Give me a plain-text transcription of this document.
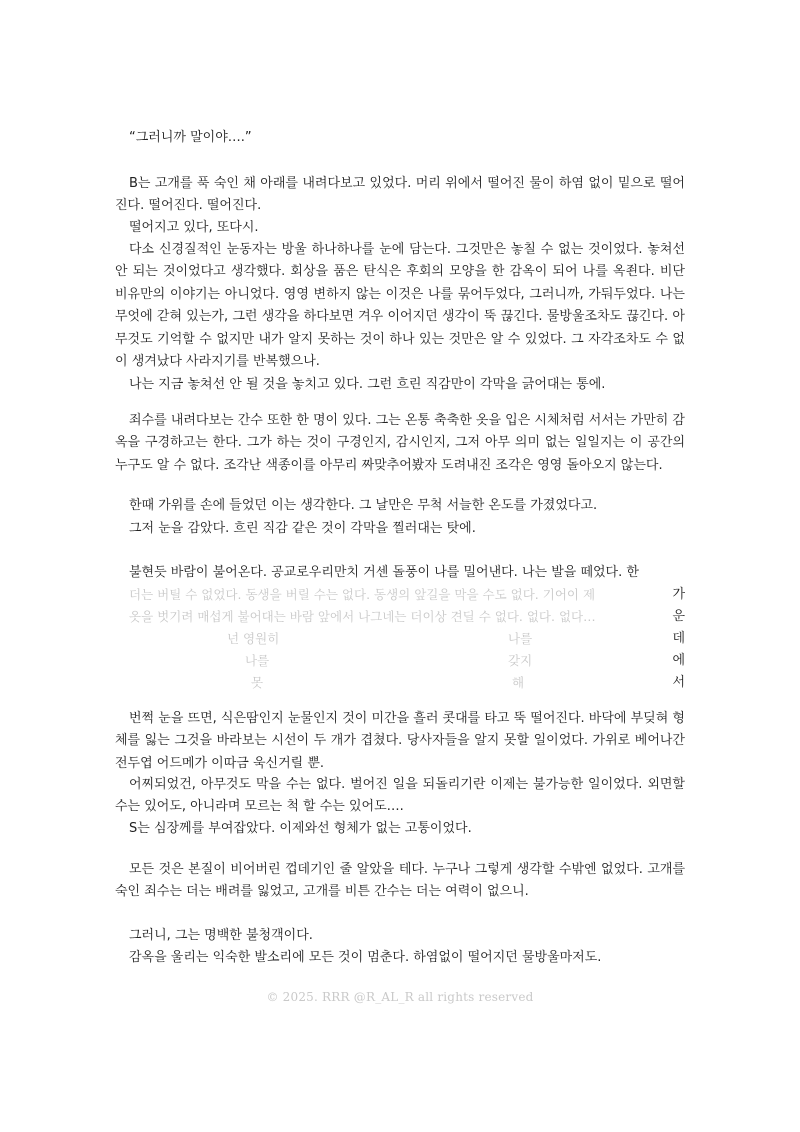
“그러니까 말이야….”

B는 고개를 푹 숙인 채 아래를 내려다보고 있었다. 머리 위에서 떨어진 물이 하염 없이 밑으로 떨어진다. 떨어진다. 떨어진다.

떨어지고 있다, 또다시.

다소 신경질적인 눈동자는 방울 하나하나를 눈에 담는다. 그것만은 놓칠 수 없는 것이었다. 놓쳐선 안 되는 것이었다고 생각했다. 회상을 품은 탄식은 후회의 모양을 한 감옥이 되어 나를 옥죈다. 비단 비유만의 이야기는 아니었다. 영영 변하지 않는 이것은 나를 묶어두었다, 그러니까, 가둬두었다. 나는 무엇에 갇혀 있는가, 그런 생각을 하다보면 겨우 이어지던 생각이 뚝 끊긴다. 물방울조차도 끊긴다. 아무것도 기억할 수 없지만 내가 알지 못하는 것이 하나 있는 것만은 알 수 있었다. 그 자각조차도 수 없이 생겨났다 사라지기를 반복했으나.

나는 지금 놓쳐선 안 될 것을 놓치고 있다. 그런 흐린 직감만이 각막을 긁어대는 통에.

죄수를 내려다보는 간수 또한 한 명이 있다. 그는 온통 축축한 옷을 입은 시체처럼 서서는 가만히 감옥을 구경하고는 한다. 그가 하는 것이 구경인지, 감시인지, 그저 아무 의미 없는 일일지는 이 공간의 누구도 알 수 없다. 조각난 색종이를 아무리 짜맞추어봤자 도려내진 조각은 영영 돌아오지 않는다.

한때 가위를 손에 들었던 이는 생각한다. 그 날만은 무척 서늘한 온도를 가졌었다고.

그저 눈을 감았다. 흐린 직감 같은 것이 각막을 찔러대는 탓에.

불현듯 바람이 불어온다. 공교로우리만치 거센 돌풍이 나를 밀어낸다. 나는 발을 떼었다. 한

더는 버틸 수 없었다. 동생을 버릴 수는 없다. 동생의 앞길을 막을 수도 없다. 기어이 제
옷을 벗기려 매섭게 불어대는 바람 앞에서 나그네는 더이상 견딜 수 없다. 없다. 없다…
넌 영원히
나를
나를
갖지
못	해
가
운
데
에
서

번쩍 눈을 뜨면, 식은땀인지 눈물인지 것이 미간을 흘러 콧대를 타고 뚝 떨어진다. 바닥에 부딪혀 형체를 잃는 그것을 바라보는 시선이 두 개가 겹쳤다. 당사자들을 알지 못할 일이었다. 가위로 베어나간 전두엽 어드메가 이따금 욱신거릴 뿐.

어찌되었건, 아무것도 막을 수는 없다. 벌어진 일을 되돌리기란 이제는 불가능한 일이었다. 외면할 수는 있어도, 아니라며 모르는 척 할 수는 있어도….

S는 심장께를 부여잡았다. 이제와선 형체가 없는 고통이었다.

모든 것은 본질이 비어버린 껍데기인 줄 알았을 테다. 누구나 그렇게 생각할 수밖엔 없었다. 고개를 숙인 죄수는 더는 배려를 잃었고, 고개를 비튼 간수는 더는 여력이 없으니.

그러니, 그는 명백한 불청객이다.

감옥을 울리는 익숙한 발소리에 모든 것이 멈춘다. 하염없이 떨어지던 물방울마저도.

© 2025. RRR @R_AL_R all rights reserved
